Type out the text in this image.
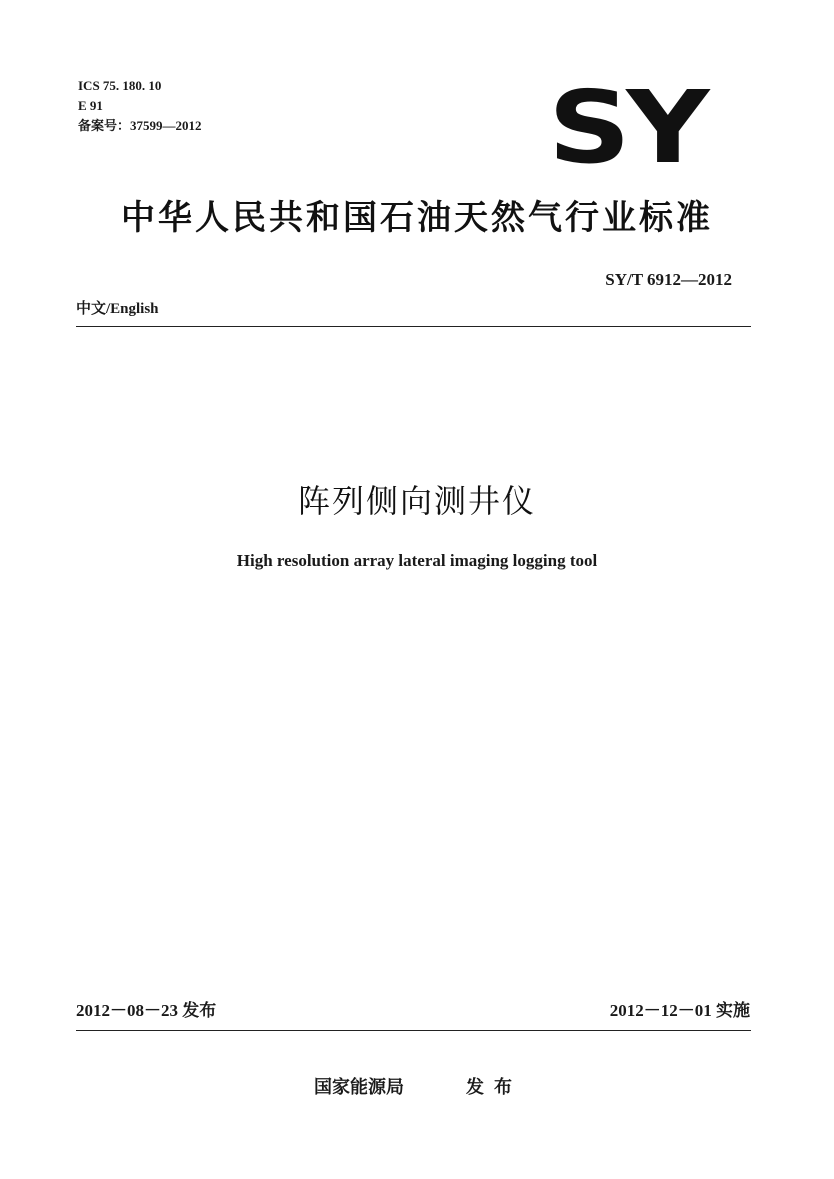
ICS 75. 180. 10
E 91
备案号：37599—2012	SY
中华人民共和国石油天然气行业标准
SY/T 6912—2012
中文/English
阵列侧向测井仪
High resolution array lateral imaging logging tool
2012－08－23 发布	2012－12－01 实施
国家能源局	发布
